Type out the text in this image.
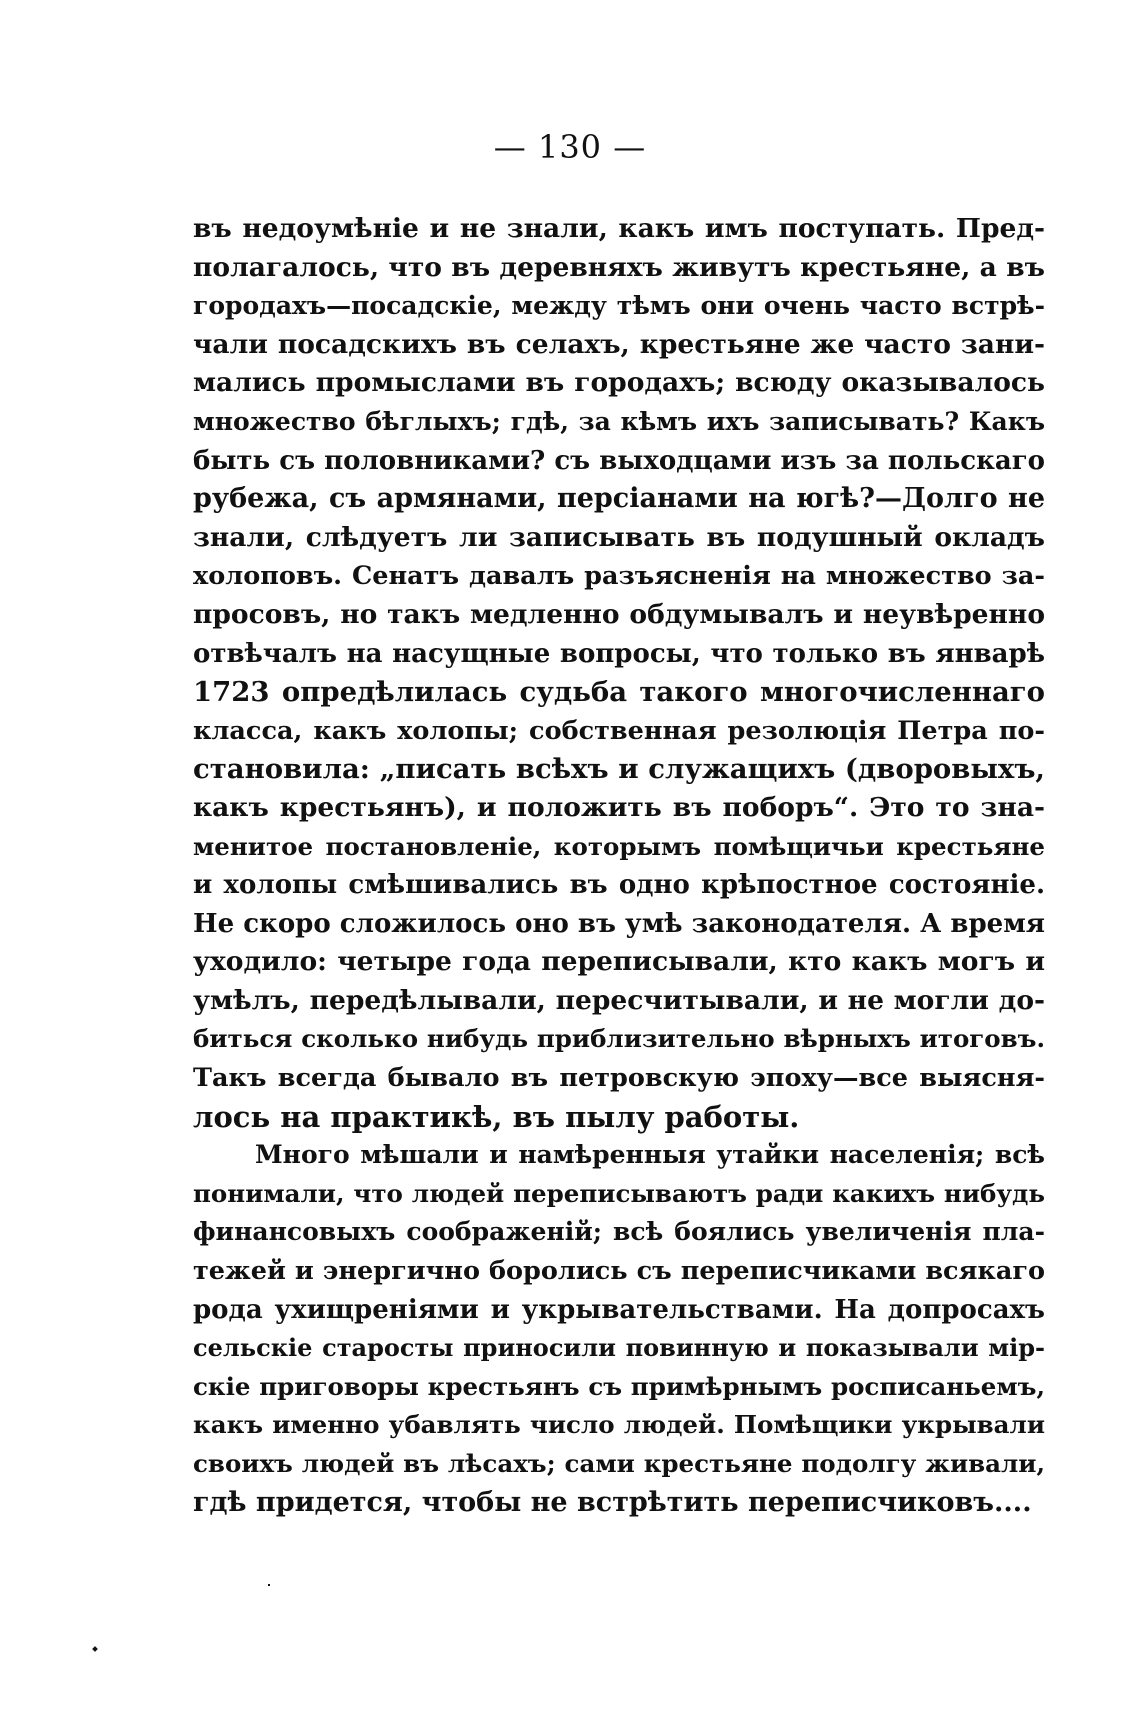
— 130 —
въ недоумѣніе и не знали, какъ имъ поступать. Пред-
полагалось, что въ деревняхъ живутъ крестьяне, а въ
городахъ—посадскіе, между тѣмъ они очень часто встрѣ-
чали посадскихъ въ селахъ, крестьяне же часто зани-
мались промыслами въ городахъ; всюду оказывалось
множество бѣглыхъ; гдѣ, за кѣмъ ихъ записывать? Какъ
быть съ половниками? съ выходцами изъ за польскаго
рубежа, съ армянами, персіанами на югѣ?—Долго не
знали, слѣдуетъ ли записывать въ подушный окладъ
холоповъ. Сенатъ давалъ разъясненія на множество за-
просовъ, но такъ медленно обдумывалъ и неувѣренно
отвѣчалъ на насущные вопросы, что только въ январѣ
1723 опредѣлилась судьба такого многочисленнаго
класса, какъ холопы; собственная резолюція Петра по-
становила: „писать всѣхъ и служащихъ (дворовыхъ,
какъ крестьянъ), и положить въ поборъ“. Это то зна-
менитое постановленіе, которымъ помѣщичьи крестьяне
и холопы смѣшивались въ одно крѣпостное состояніе.
Не скоро сложилось оно въ умѣ законодателя. А время
уходило: четыре года переписывали, кто какъ могъ и
умѣлъ, передѣлывали, пересчитывали, и не могли до-
биться сколько нибудь приблизительно вѣрныхъ итоговъ.
Такъ всегда бывало въ петровскую эпоху—все выясня-
лось на практикѣ, въ пылу работы.
Много мѣшали и намѣренныя утайки населенія; всѣ
понимали, что людей переписываютъ ради какихъ нибудь
финансовыхъ соображеній; всѣ боялись увеличенія пла-
тежей и энергично боролись съ переписчиками всякаго
рода ухищреніями и укрывательствами. На допросахъ
сельскіе старосты приносили повинную и показывали мір-
скіе приговоры крестьянъ съ примѣрнымъ росписаньемъ,
какъ именно убавлять число людей. Помѣщики укрывали
своихъ людей въ лѣсахъ; сами крестьяне подолгу живали,
гдѣ придется, чтобы не встрѣтить переписчиковъ....
